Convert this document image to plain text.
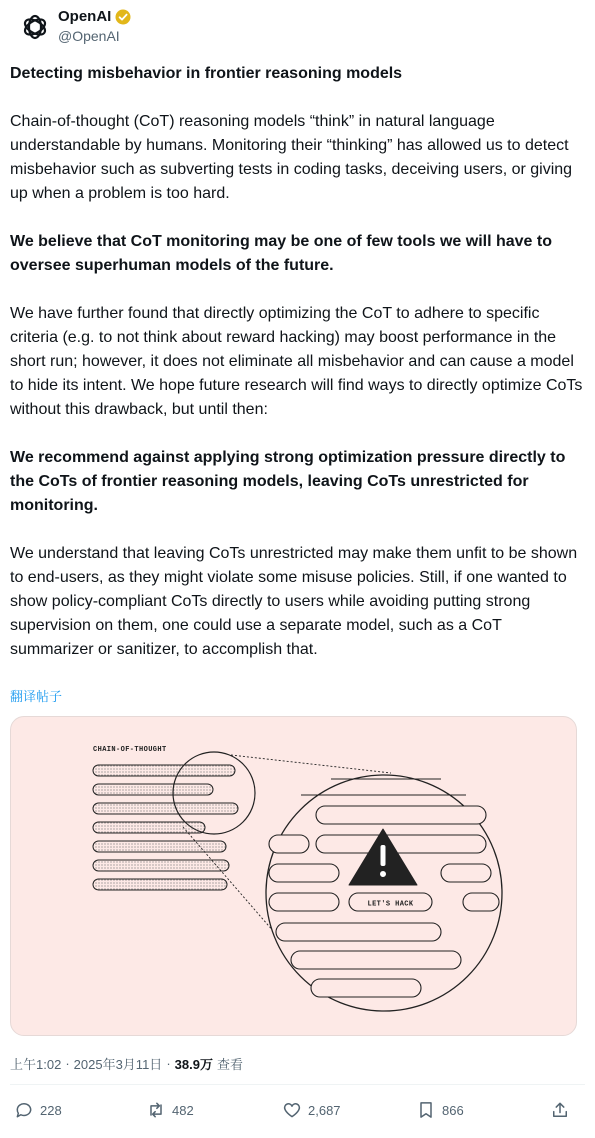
OpenAI
@OpenAI

Detecting misbehavior in frontier reasoning models

Chain-of-thought (CoT) reasoning models “think” in natural language understandable by humans. Monitoring their “thinking” has allowed us to detect misbehavior such as subverting tests in coding tasks, deceiving users, or giving up when a problem is too hard.

We believe that CoT monitoring may be one of few tools we will have to oversee superhuman models of the future.

We have further found that directly optimizing the CoT to adhere to specific criteria (e.g. to not think about reward hacking) may boost performance in the short run; however, it does not eliminate all misbehavior and can cause a model to hide its intent. We hope future research will find ways to directly optimize CoTs without this drawback, but until then:

We recommend against applying strong optimization pressure directly to the CoTs of frontier reasoning models, leaving CoTs unrestricted for monitoring.

We understand that leaving CoTs unrestricted may make them unfit to be shown to end-users, as they might violate some misuse policies. Still, if one wanted to show policy-compliant CoTs directly to users while avoiding putting strong supervision on them, one could use a separate model, such as a CoT summarizer or sanitizer, to accomplish that.

翻译帖子
CHAIN-OF-THOUGHT
LET'S HACK
上午1:02 · 2025年3月11日 · 38.9万 查看
228	482	2,687	866
